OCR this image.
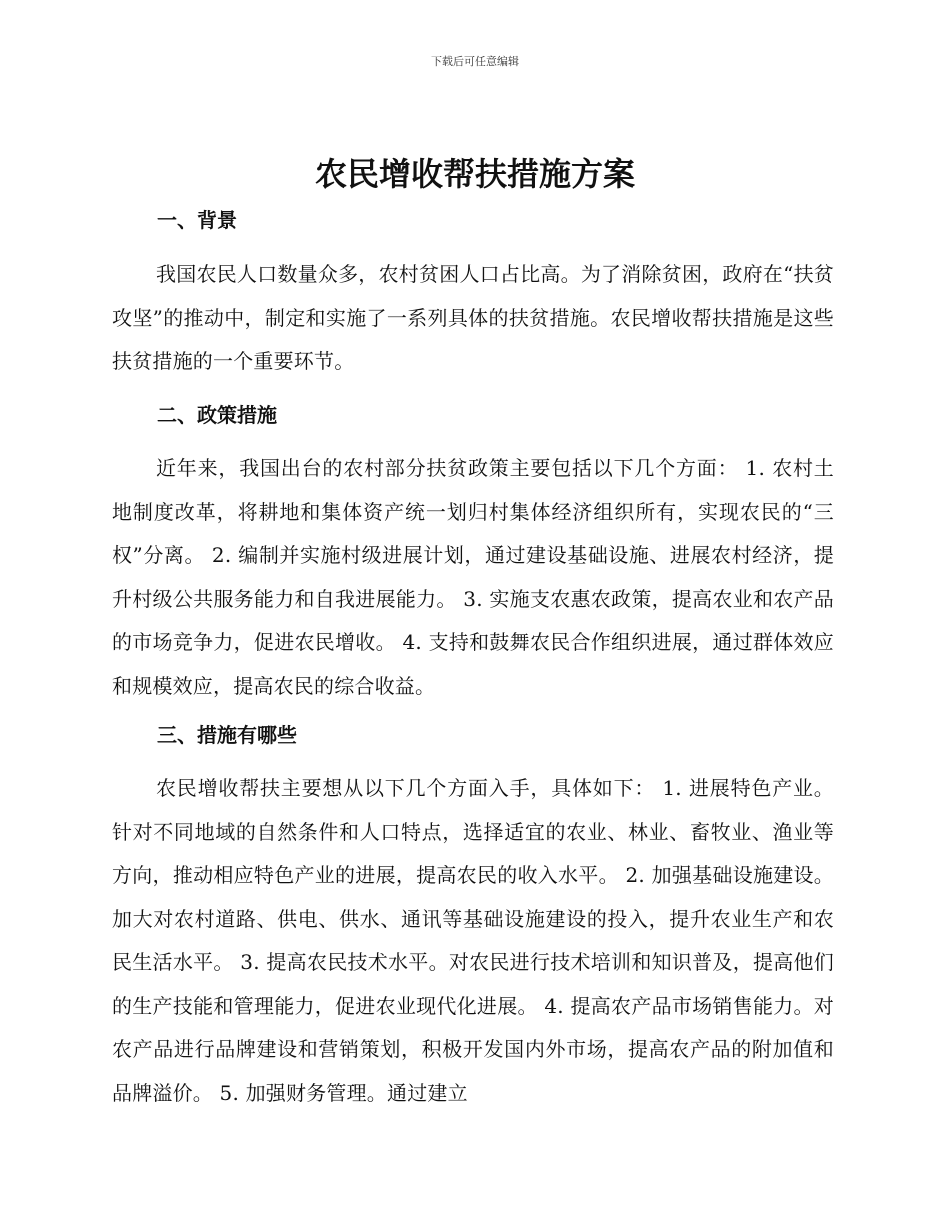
下载后可任意编辑
农民增收帮扶措施方案
一、背景

我国农民人口数量众多，农村贫困人口占比高。为了消除贫困，政府在“扶贫攻坚”的推动中，制定和实施了一系列具体的扶贫措施。农民增收帮扶措施是这些扶贫措施的一个重要环节。

二、政策措施

近年来，我国出台的农村部分扶贫政策主要包括以下几个方面： 1. 农村土地制度改革，将耕地和集体资产统一划归村集体经济组织所有，实现农民的“三权”分离。 2. 编制并实施村级进展计划，通过建设基础设施、进展农村经济，提升村级公共服务能力和自我进展能力。 3. 实施支农惠农政策，提高农业和农产品的市场竞争力，促进农民增收。 4. 支持和鼓舞农民合作组织进展，通过群体效应和规模效应，提高农民的综合收益。

三、措施有哪些

农民增收帮扶主要想从以下几个方面入手，具体如下： 1. 进展特色产业。针对不同地域的自然条件和人口特点，选择适宜的农业、林业、畜牧业、渔业等方向，推动相应特色产业的进展，提高农民的收入水平。 2. 加强基础设施建设。加大对农村道路、供电、供水、通讯等基础设施建设的投入，提升农业生产和农民生活水平。 3. 提高农民技术水平。对农民进行技术培训和知识普及，提高他们的生产技能和管理能力，促进农业现代化进展。 4. 提高农产品市场销售能力。对农产品进行品牌建设和营销策划，积极开发国内外市场，提高农产品的附加值和品牌溢价。 5. 加强财务管理。通过建立
